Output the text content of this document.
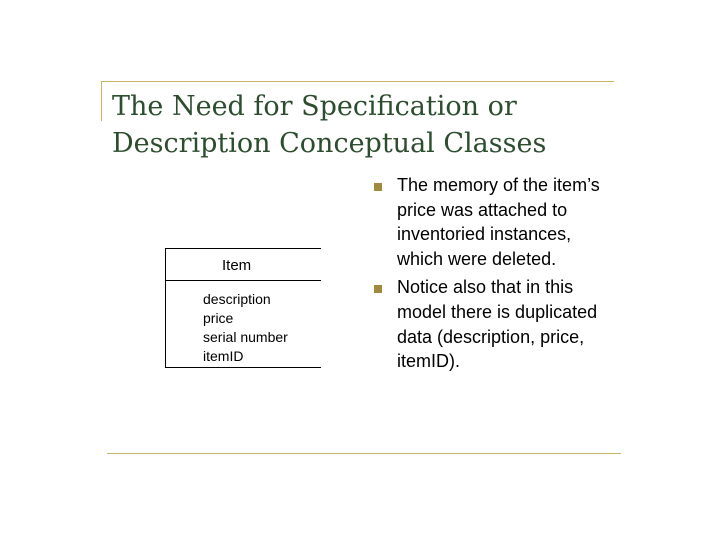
The Need for Specification or
Description Conceptual Classes
Item
description
price
serial number
itemID
The memory of the item’s price was attached to inventoried instances, which were deleted.
Notice also that in this model there is duplicated data (description, price, itemID).
